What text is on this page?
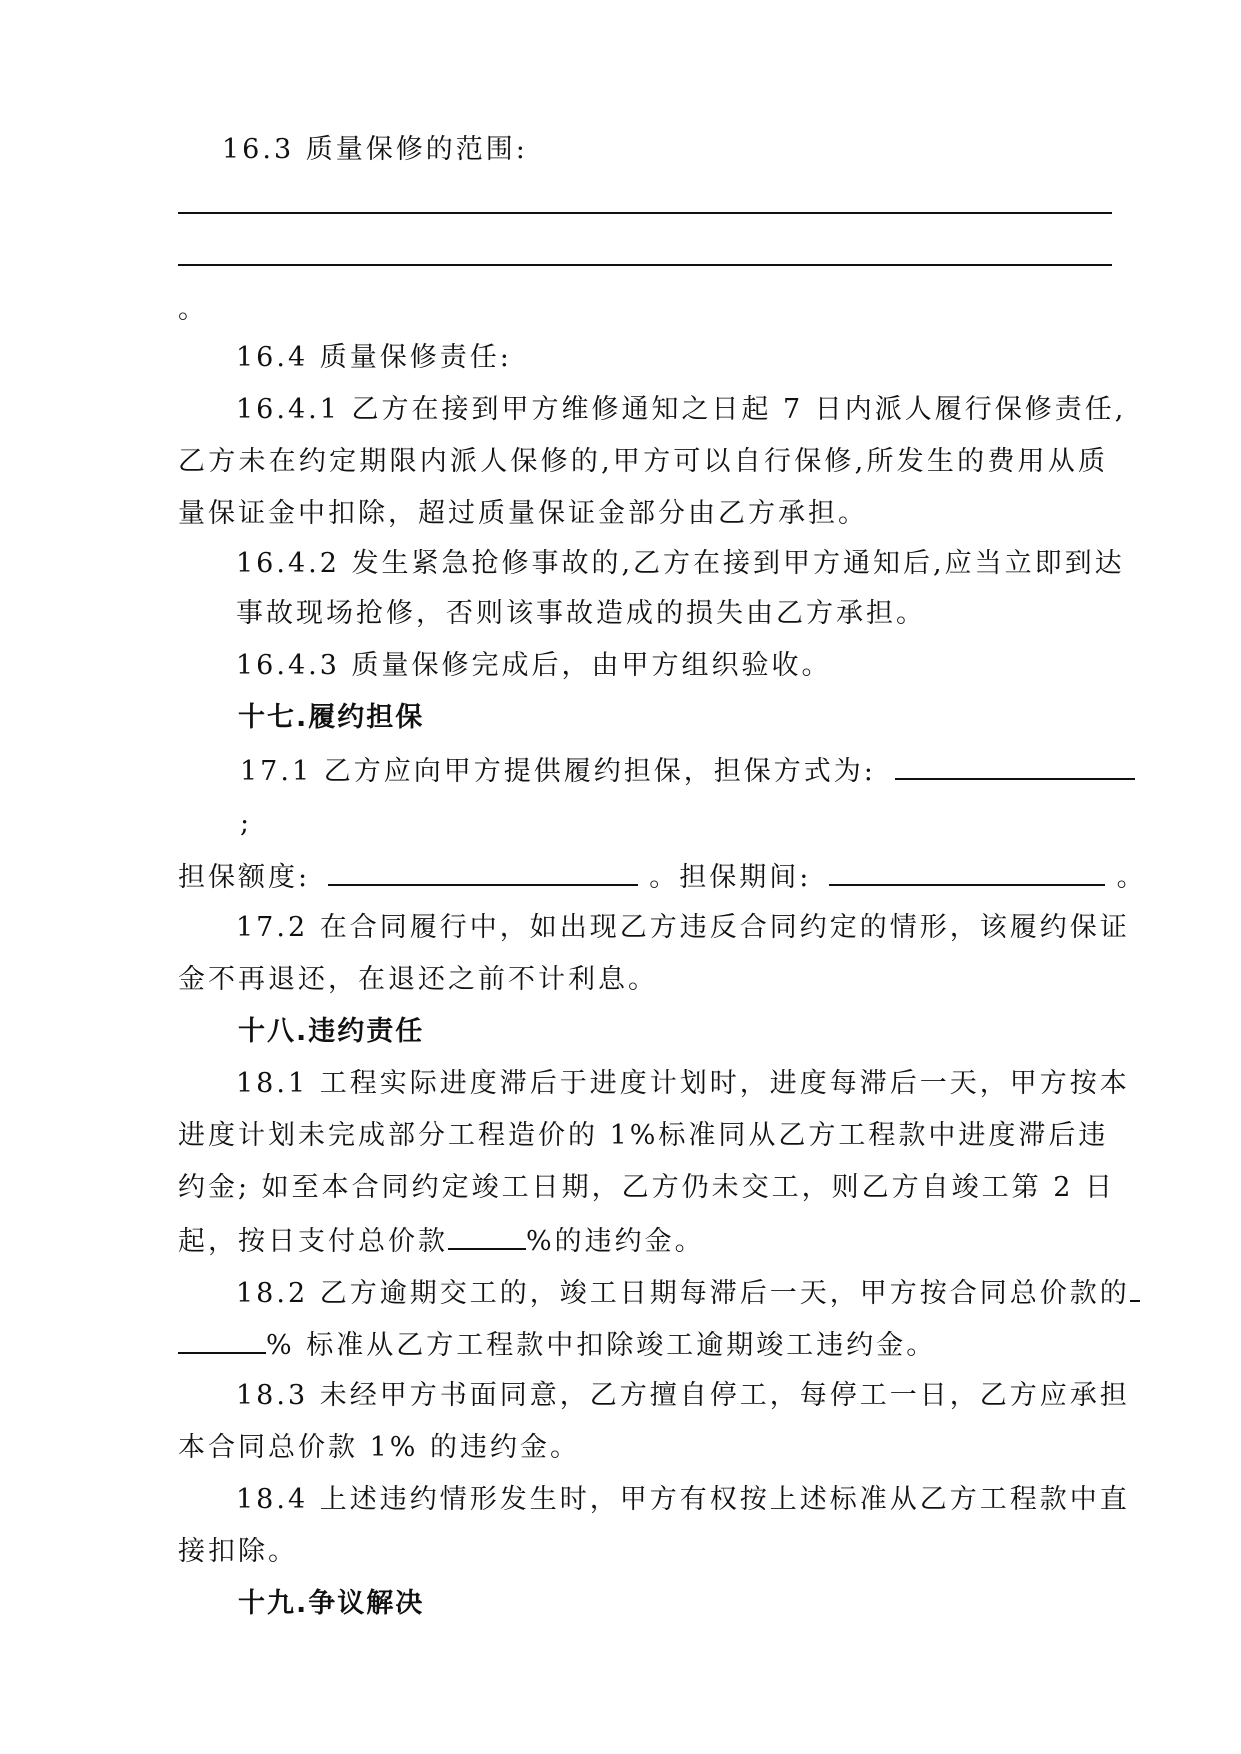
16.3 质量保修的范围:
。
16.4 质量保修责任:
16.4.1 乙方在接到甲方维修通知之日起 7 日内派人履行保修责任,
乙方未在约定期限内派人保修的,甲方可以自行保修,所发生的费用从质
量保证金中扣除，超过质量保证金部分由乙方承担。
16.4.2 发生紧急抢修事故的,乙方在接到甲方通知后,应当立即到达
事故现场抢修，否则该事故造成的损失由乙方承担。
16.4.3 质量保修完成后，由甲方组织验收。
十七.履约担保
17.1 乙方应向甲方提供履约担保，担保方式为:
;
担保额度:	。担保期间:	。
17.2 在合同履行中，如出现乙方违反合同约定的情形，该履约保证
金不再退还，在退还之前不计利息。
十八.违约责任
18.1 工程实际进度滞后于进度计划时，进度每滞后一天，甲方按本
进度计划未完成部分工程造价的 1%标准同从乙方工程款中进度滞后违
约金; 如至本合同约定竣工日期，乙方仍未交工，则乙方自竣工第 2 日
起，按日支付总价款	%的违约金。
18.2 乙方逾期交工的，竣工日期每滞后一天，甲方按合同总价款的
% 标准从乙方工程款中扣除竣工逾期竣工违约金。
18.3 未经甲方书面同意，乙方擅自停工，每停工一日，乙方应承担
本合同总价款 1% 的违约金。
18.4 上述违约情形发生时，甲方有权按上述标准从乙方工程款中直
接扣除。
十九.争议解决
